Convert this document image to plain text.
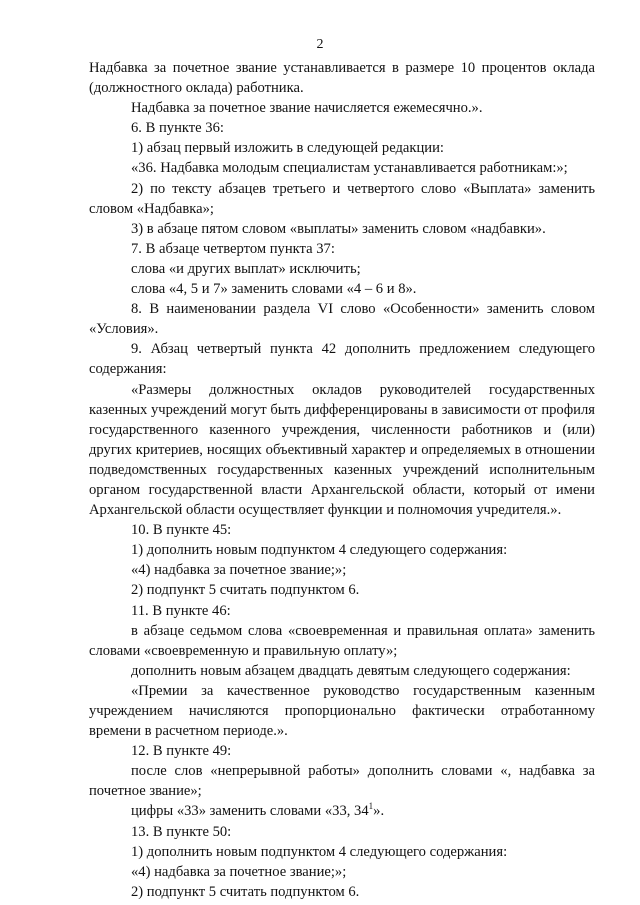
2

Надбавка за почетное звание устанавливается в размере 10 процентов оклада (должностного оклада) работника.

Надбавка за почетное звание начисляется ежемесячно.».

6. В пункте 36:

1) абзац первый изложить в следующей редакции:

«36. Надбавка молодым специалистам устанавливается работникам:»;

2) по тексту абзацев третьего и четвертого слово «Выплата» заменить словом «Надбавка»;

3) в абзаце пятом словом «выплаты» заменить словом «надбавки».

7. В абзаце четвертом пункта 37:

слова «и других выплат» исключить;

слова «4, 5 и 7» заменить словами «4 – 6 и 8».

8. В наименовании раздела VI слово «Особенности» заменить словом «Условия».

9. Абзац четвертый пункта 42 дополнить предложением следующего содержания:

«Размеры должностных окладов руководителей государственных казенных учреждений могут быть дифференцированы в зависимости от профиля государственного казенного учреждения, численности работников и (или) других критериев, носящих объективный характер и определяемых в отношении подведомственных государственных казенных учреждений исполнительным органом государственной власти Архангельской области, который от имени Архангельской области осуществляет функции и полномочия учредителя.».

10. В пункте 45:

1) дополнить новым подпунктом 4 следующего содержания:

«4) надбавка за почетное звание;»;

2) подпункт 5 считать подпунктом 6.

11. В пункте 46:

в абзаце седьмом слова «своевременная и правильная оплата» заменить словами «своевременную и правильную оплату»;

дополнить новым абзацем двадцать девятым следующего содержания:

«Премии за качественное руководство государственным казенным учреждением начисляются пропорционально фактически отработанному времени в расчетном периоде.».

12. В пункте 49:

после слов «непрерывной работы» дополнить словами «, надбавка за почетное звание»;

цифры «33» заменить словами «33, $34^1$».

13. В пункте 50:

1) дополнить новым подпунктом 4 следующего содержания:

«4) надбавка за почетное звание;»;

2) подпункт 5 считать подпунктом 6.
